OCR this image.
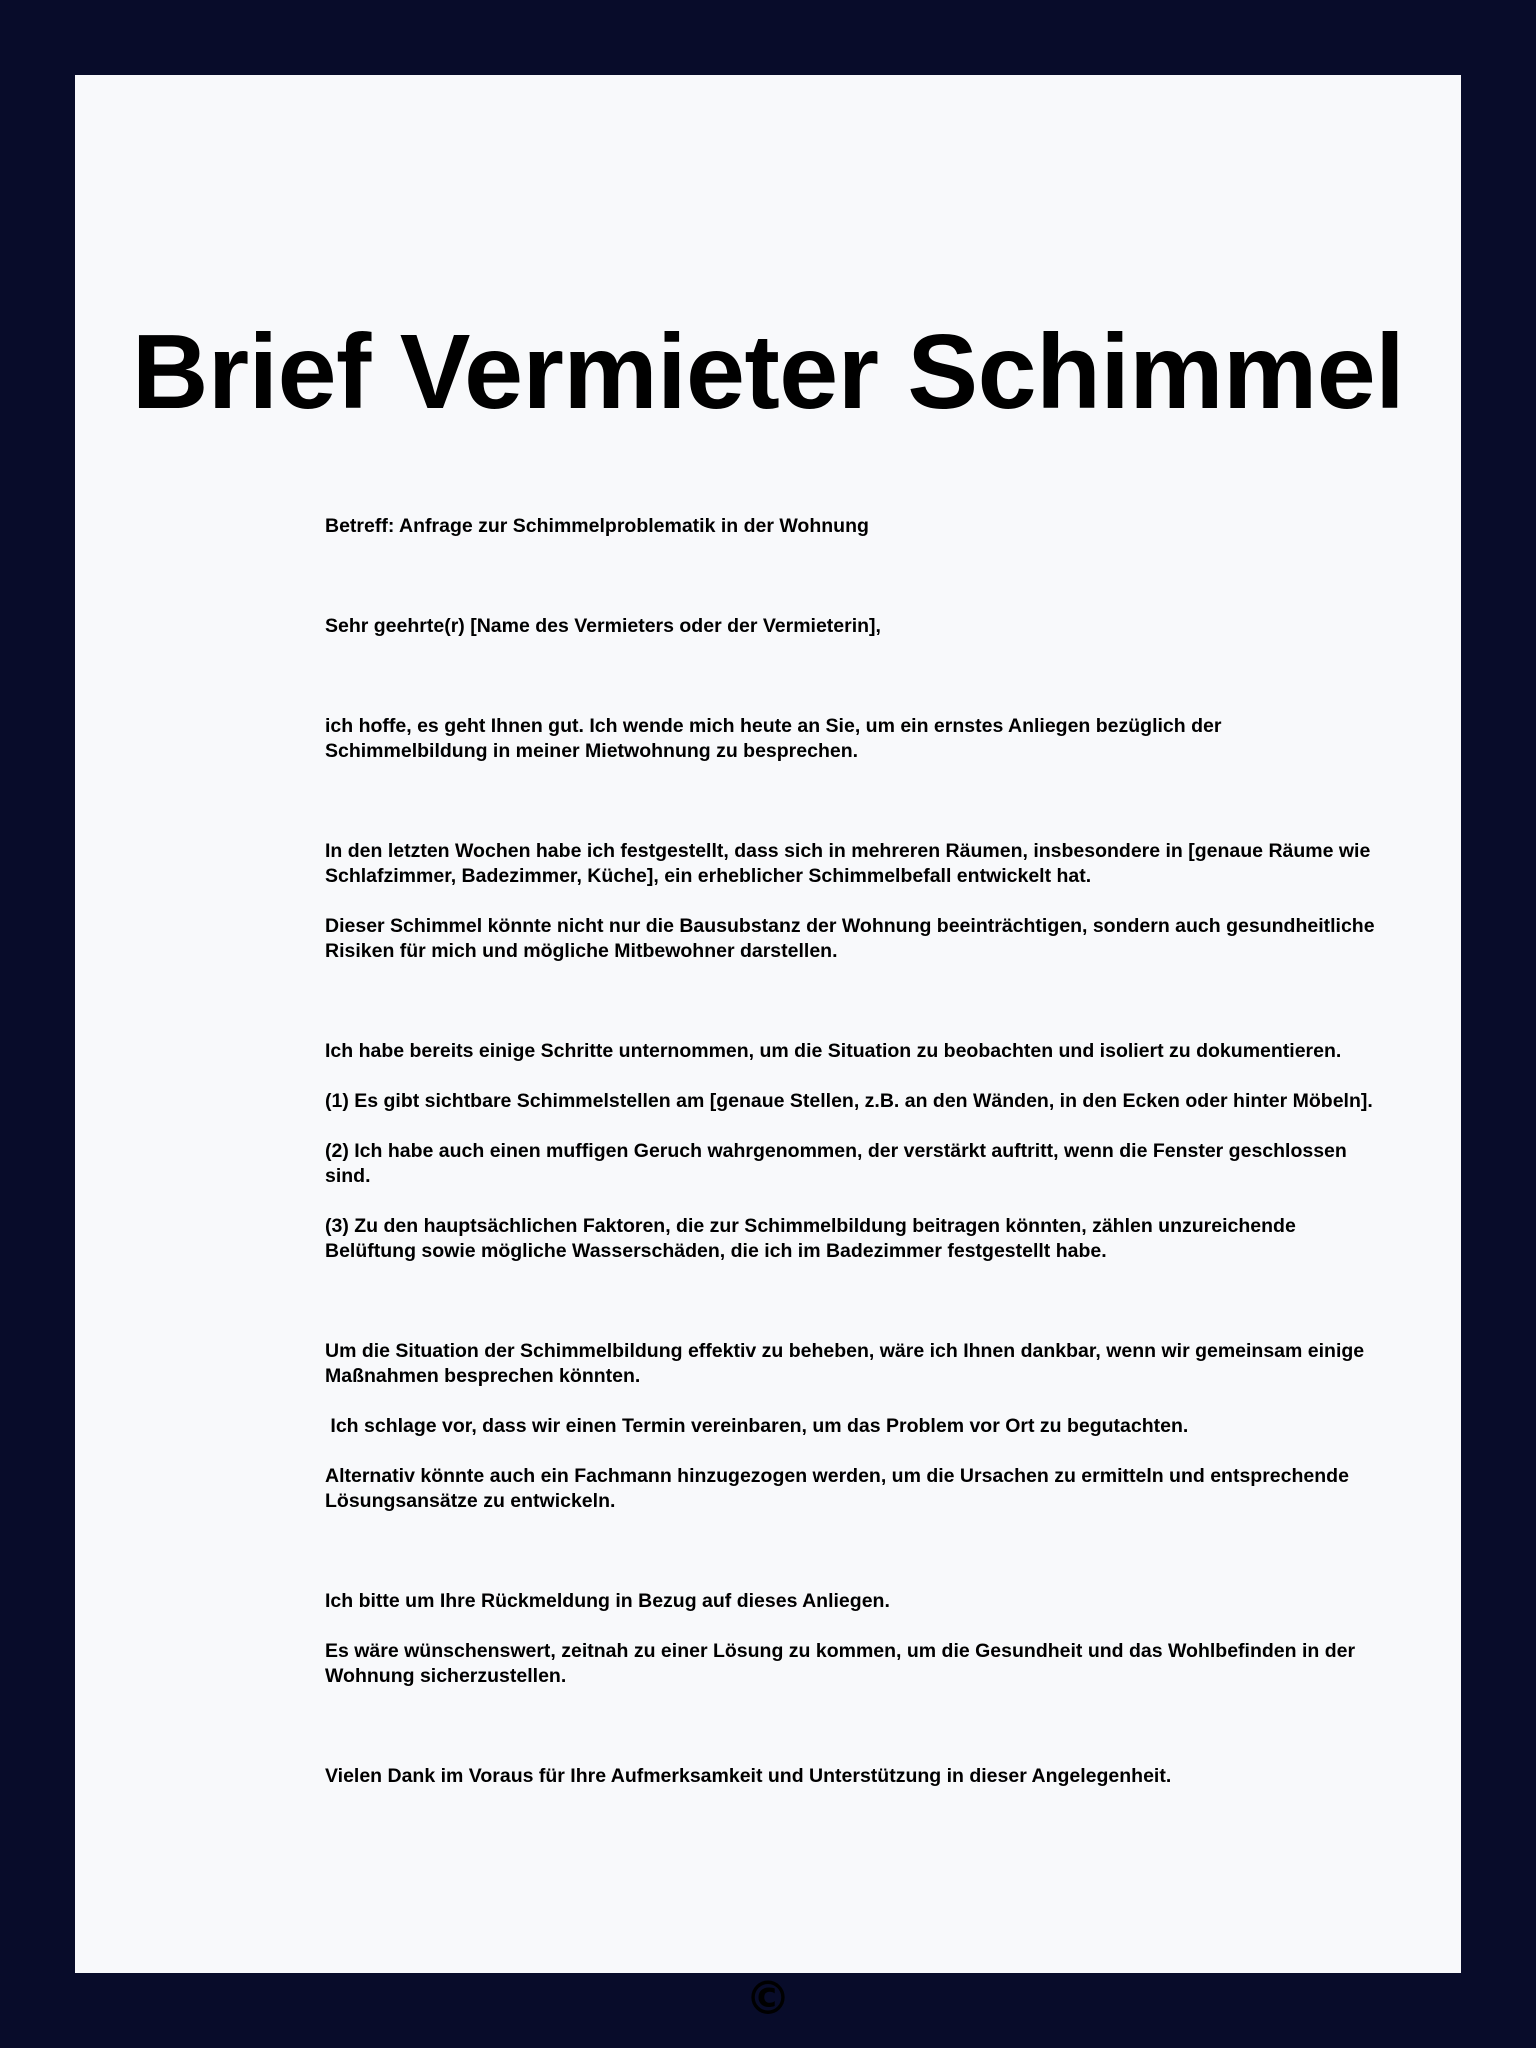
Brief Vermieter Schimmel

Betreff: Anfrage zur Schimmelproblematik in der Wohnung

Sehr geehrte(r) [Name des Vermieters oder der Vermieterin],

ich hoffe, es geht Ihnen gut. Ich wende mich heute an Sie, um ein ernstes Anliegen bezüglich der Schimmelbildung in meiner Mietwohnung zu besprechen.

In den letzten Wochen habe ich festgestellt, dass sich in mehreren Räumen, insbesondere in [genaue Räume wie Schlafzimmer, Badezimmer, Küche], ein erheblicher Schimmelbefall entwickelt hat.

Dieser Schimmel könnte nicht nur die Bausubstanz der Wohnung beeinträchtigen, sondern auch gesundheitliche Risiken für mich und mögliche Mitbewohner darstellen.

Ich habe bereits einige Schritte unternommen, um die Situation zu beobachten und isoliert zu dokumentieren.

(1) Es gibt sichtbare Schimmelstellen am [genaue Stellen, z.B. an den Wänden, in den Ecken oder hinter Möbeln].

(2) Ich habe auch einen muffigen Geruch wahrgenommen, der verstärkt auftritt, wenn die Fenster geschlossen sind.

(3) Zu den hauptsächlichen Faktoren, die zur Schimmelbildung beitragen könnten, zählen unzureichende Belüftung sowie mögliche Wasserschäden, die ich im Badezimmer festgestellt habe.

Um die Situation der Schimmelbildung effektiv zu beheben, wäre ich Ihnen dankbar, wenn wir gemeinsam einige Maßnahmen besprechen könnten.

Ich schlage vor, dass wir einen Termin vereinbaren, um das Problem vor Ort zu begutachten.

Alternativ könnte auch ein Fachmann hinzugezogen werden, um die Ursachen zu ermitteln und entsprechende Lösungsansätze zu entwickeln.

Ich bitte um Ihre Rückmeldung in Bezug auf dieses Anliegen.

Es wäre wünschenswert, zeitnah zu einer Lösung zu kommen, um die Gesundheit und das Wohlbefinden in der Wohnung sicherzustellen.

Vielen Dank im Voraus für Ihre Aufmerksamkeit und Unterstützung in dieser Angelegenheit.

©
